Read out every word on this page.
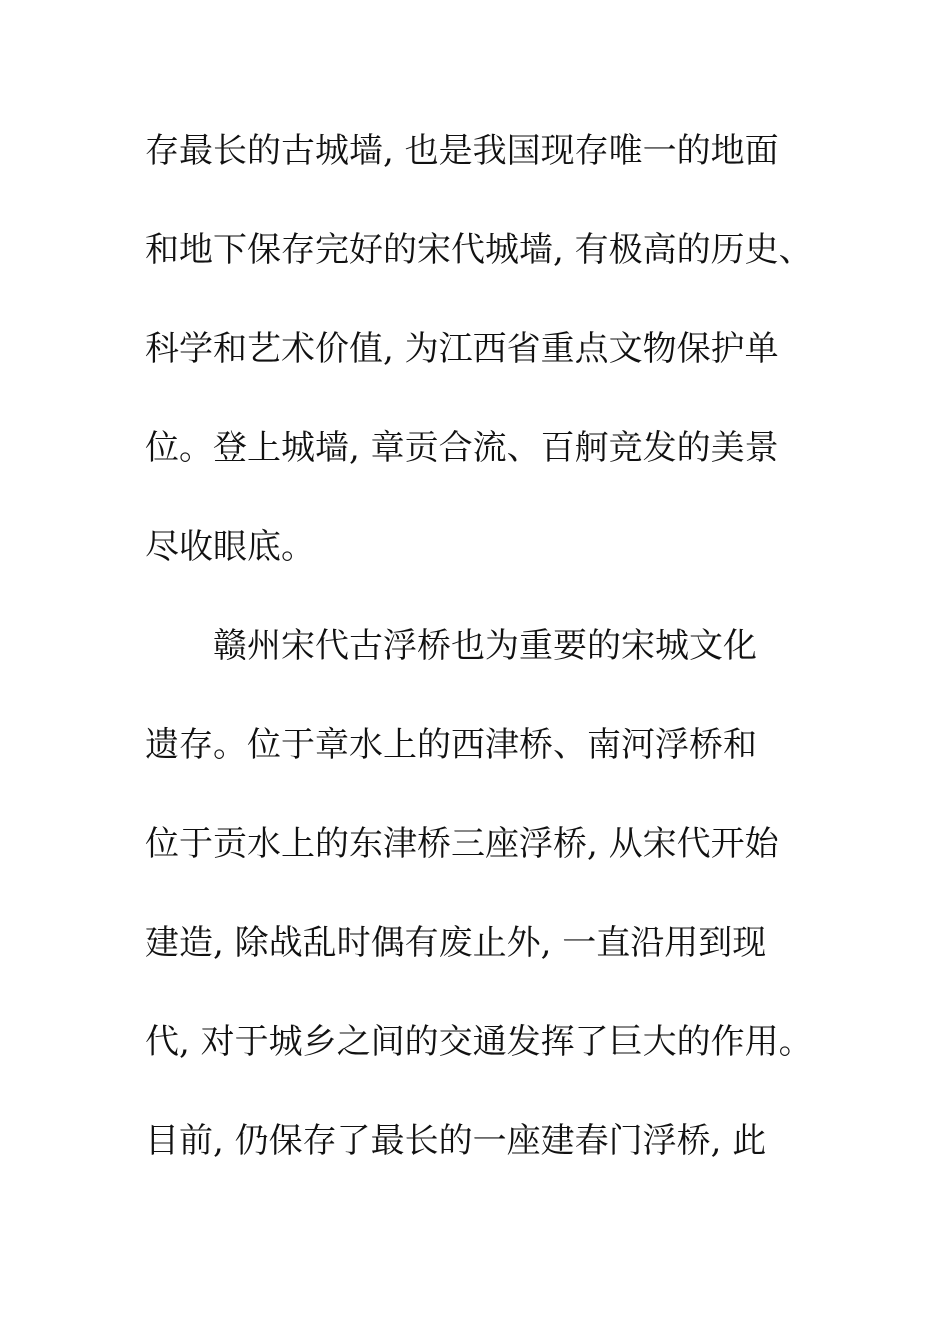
存最长的古城墙, 也是我国现存唯一的地面
和地下保存完好的宋代城墙, 有极高的历史、
科学和艺术价值, 为江西省重点文物保护单
位。登上城墙, 章贡合流、百舸竞发的美景
尽收眼底。
赣州宋代古浮桥也为重要的宋城文化
遗存。位于章水上的西津桥、南河浮桥和
位于贡水上的东津桥三座浮桥, 从宋代开始
建造, 除战乱时偶有废止外, 一直沿用到现
代, 对于城乡之间的交通发挥了巨大的作用。
目前, 仍保存了最长的一座建春门浮桥, 此
